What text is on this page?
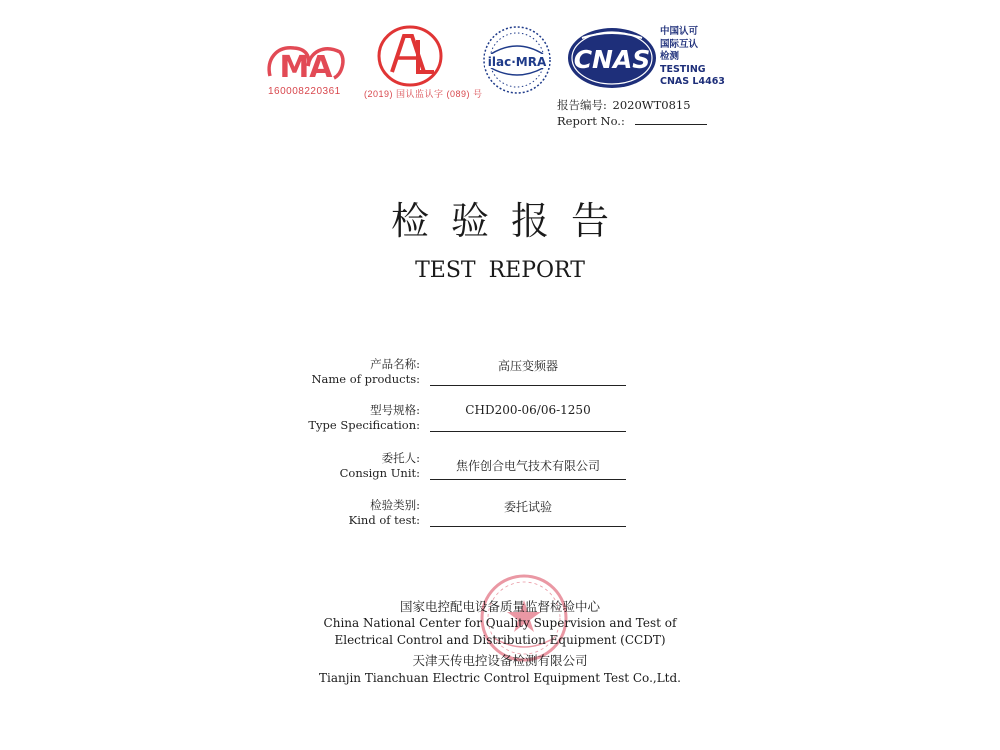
MA
160008220361	(2019) 国认监认字 (089) 号
ilac·MRA CNAS
中国认可
国际互认
检测
TESTING
CNAS L4463
报告编号: 2020WT0815
Report No.:
检验报告
TEST REPORT
产品名称:
Name of products:
高压变频器
型号规格:
Type Specification:
CHD200-06/06-1250
委托人:
Consign Unit:	焦作创合电气技术有限公司
检验类别:
Kind of test:
委托试验
国家电控配电设备质量监督检验中心
China National Center for Quality Supervision and Test of
Electrical Control and Distribution Equipment (CCDT)
天津天传电控设备检测有限公司
Tianjin Tianchuan Electric Control Equipment Test Co.,Ltd.
